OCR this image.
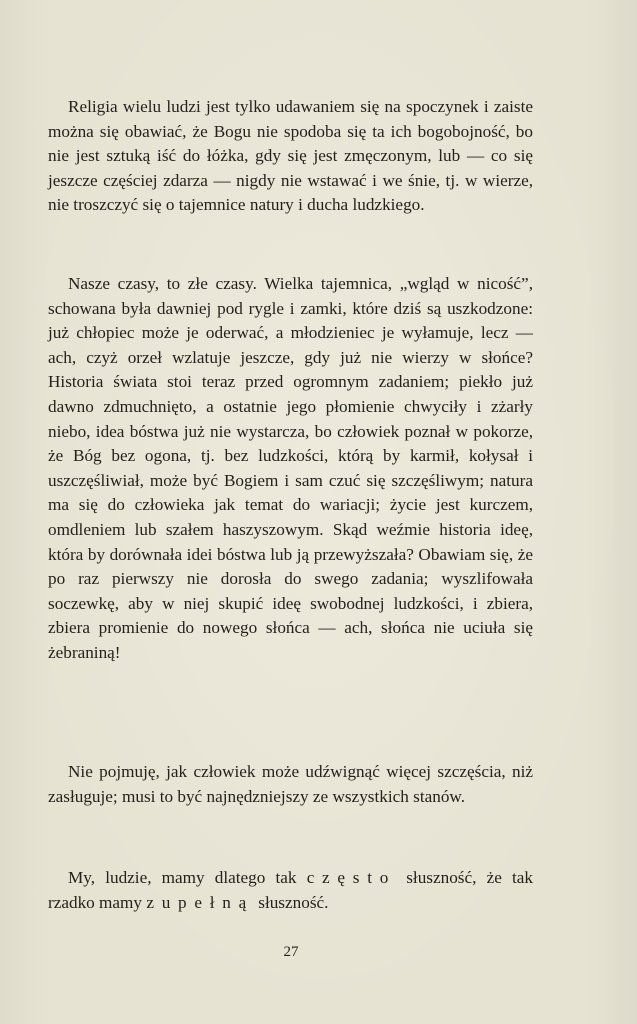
Religia wielu ludzi jest tylko udawaniem się na spoczynek i zaiste można się obawiać, że Bogu nie spodoba się ta ich bogobojność, bo nie jest sztuką iść do łóżka, gdy się jest zmęczonym, lub — co się jeszcze częściej zdarza — nigdy nie wstawać i we śnie, tj. w wierze, nie troszczyć się o tajemnice natury i ducha ludzkiego.

Nasze czasy, to złe czasy. Wielka tajemnica, „wgląd w nicość”, schowana była dawniej pod rygle i zamki, które dziś są uszkodzone: już chłopiec może je oderwać, a młodzieniec je wyłamuje, lecz — ach, czyż orzeł wzlatuje jeszcze, gdy już nie wierzy w słońce? Historia świata stoi teraz przed ogromnym zadaniem; piekło już dawno zdmuchnięto, a ostatnie jego płomienie chwyciły i zżarły niebo, idea bóstwa już nie wystarcza, bo człowiek poznał w pokorze, że Bóg bez ogona, tj. bez ludzkości, którą by karmił, kołysał i uszczęśliwiał, może być Bogiem i sam czuć się szczęśliwym; natura ma się do człowieka jak temat do wariacji; życie jest kurczem, omdleniem lub szałem haszyszowym. Skąd weźmie historia ideę, która by dorównała idei bóstwa lub ją przewyższała? Obawiam się, że po raz pierwszy nie dorosła do swego zadania; wyszlifowała soczewkę, aby w niej skupić ideę swobodnej ludzkości, i zbiera, zbiera promienie do nowego słońca — ach, słońca nie uciuła się żebraniną!

Nie pojmuję, jak człowiek może udźwignąć więcej szczęścia, niż zasługuje; musi to być najnędzniejszy ze wszystkich stanów.

My, ludzie, mamy dlatego tak często słuszność, że tak rzadko mamy zupełną słuszność.

27
